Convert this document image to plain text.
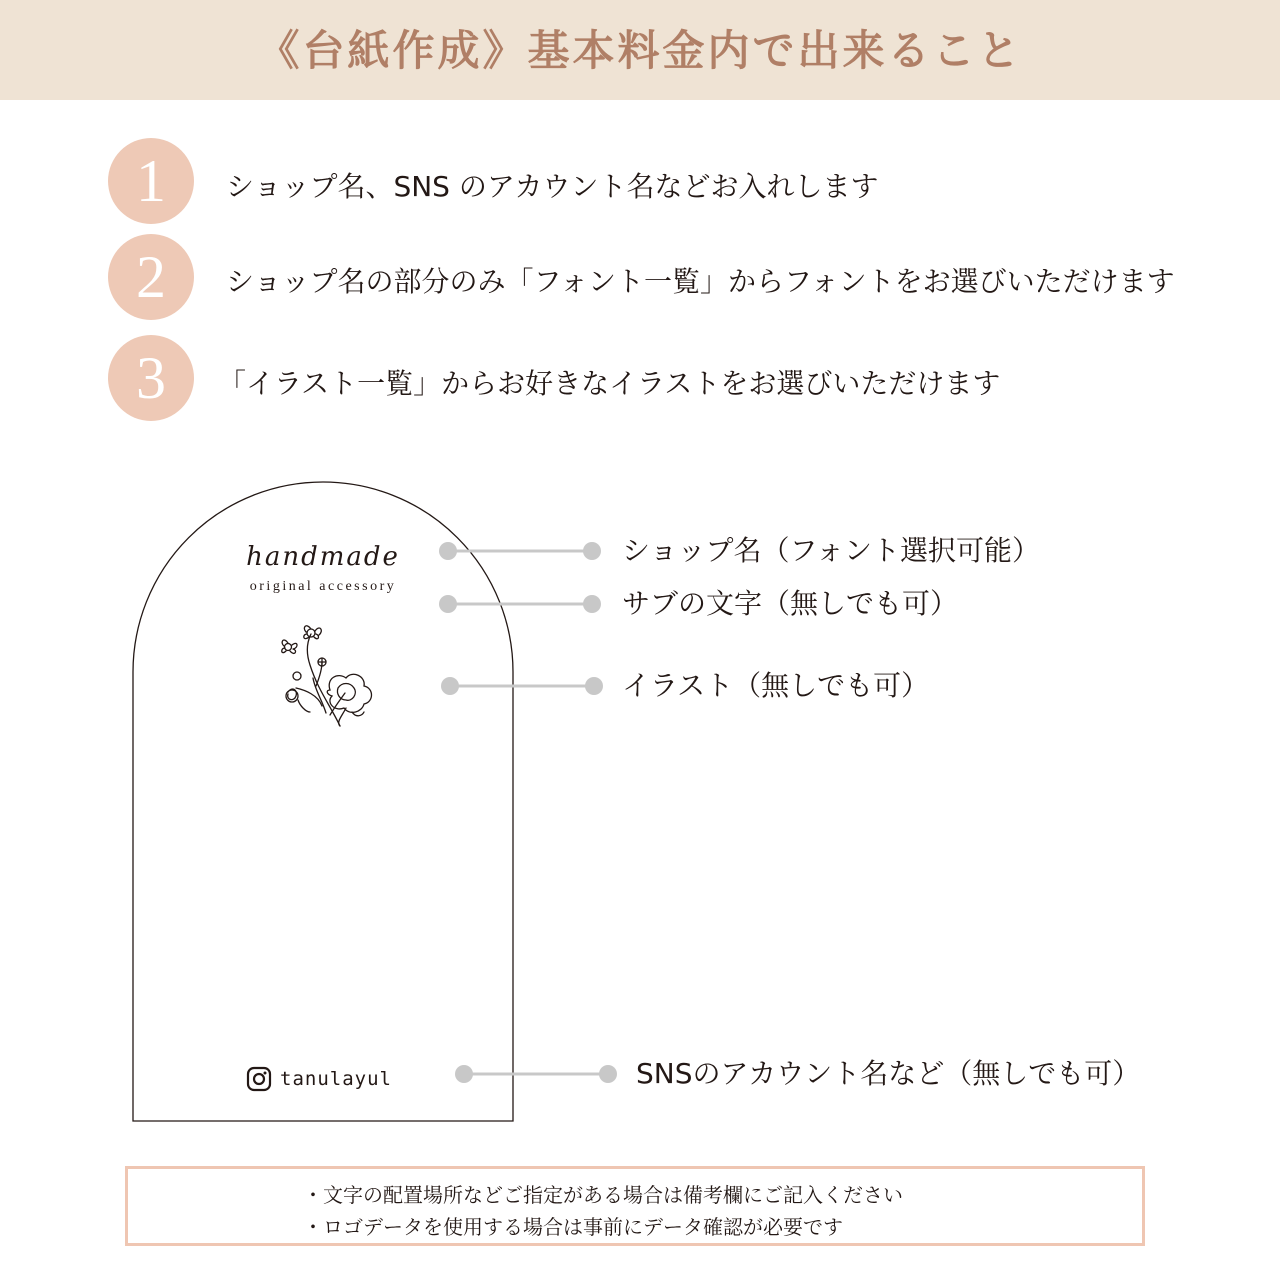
《台紙作成》基本料金内で出来ること
1	ショップ名、SNS のアカウント名などお入れします
2	ショップ名の部分のみ「フォント一覧」からフォントをお選びいただけます
3	「イラスト一覧」からお好きなイラストをお選びいただけます
handmade
original accessory
tanulayul
ショップ名（フォント選択可能）
サブの文字（無しでも可）
イラスト（無しでも可）
SNSのアカウント名など（無しでも可）
・文字の配置場所などご指定がある場合は備考欄にご記入ください
・ロゴデータを使用する場合は事前にデータ確認が必要です
